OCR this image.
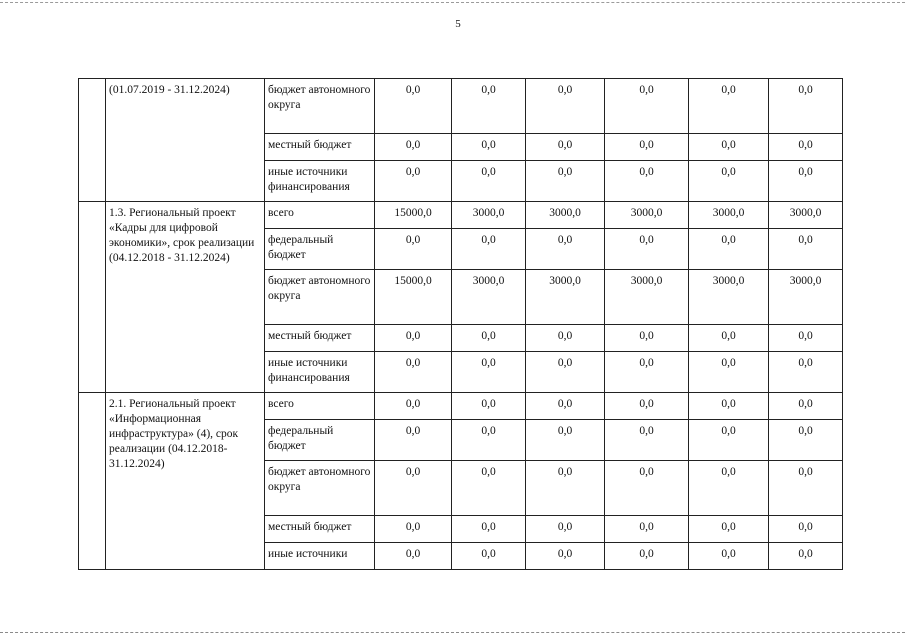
5
	(01.07.2019 - 31.12.2024)	бюджет автономного округа	0,0	0,0	0,0	0,0	0,0	0,0
		местный бюджет	0,0	0,0	0,0	0,0	0,0	0,0
		иные источники финансирования	0,0	0,0	0,0	0,0	0,0	0,0
	1.3. Региональный проект «Кадры для цифровой экономики», срок реализации (04.12.2018 - 31.12.2024)	всего	15000,0	3000,0	3000,0	3000,0	3000,0	3000,0
		федеральный бюджет	0,0	0,0	0,0	0,0	0,0	0,0
		бюджет автономного округа	15000,0	3000,0	3000,0	3000,0	3000,0	3000,0
		местный бюджет	0,0	0,0	0,0	0,0	0,0	0,0
		иные источники финансирования	0,0	0,0	0,0	0,0	0,0	0,0
	2.1. Региональный проект «Информационная инфраструктура» (4), срок реализации (04.12.2018-31.12.2024)	всего	0,0	0,0	0,0	0,0	0,0	0,0
		федеральный бюджет	0,0	0,0	0,0	0,0	0,0	0,0
		бюджет автономного округа	0,0	0,0	0,0	0,0	0,0	0,0
		местный бюджет	0,0	0,0	0,0	0,0	0,0	0,0
		иные источники	0,0	0,0	0,0	0,0	0,0	0,0
